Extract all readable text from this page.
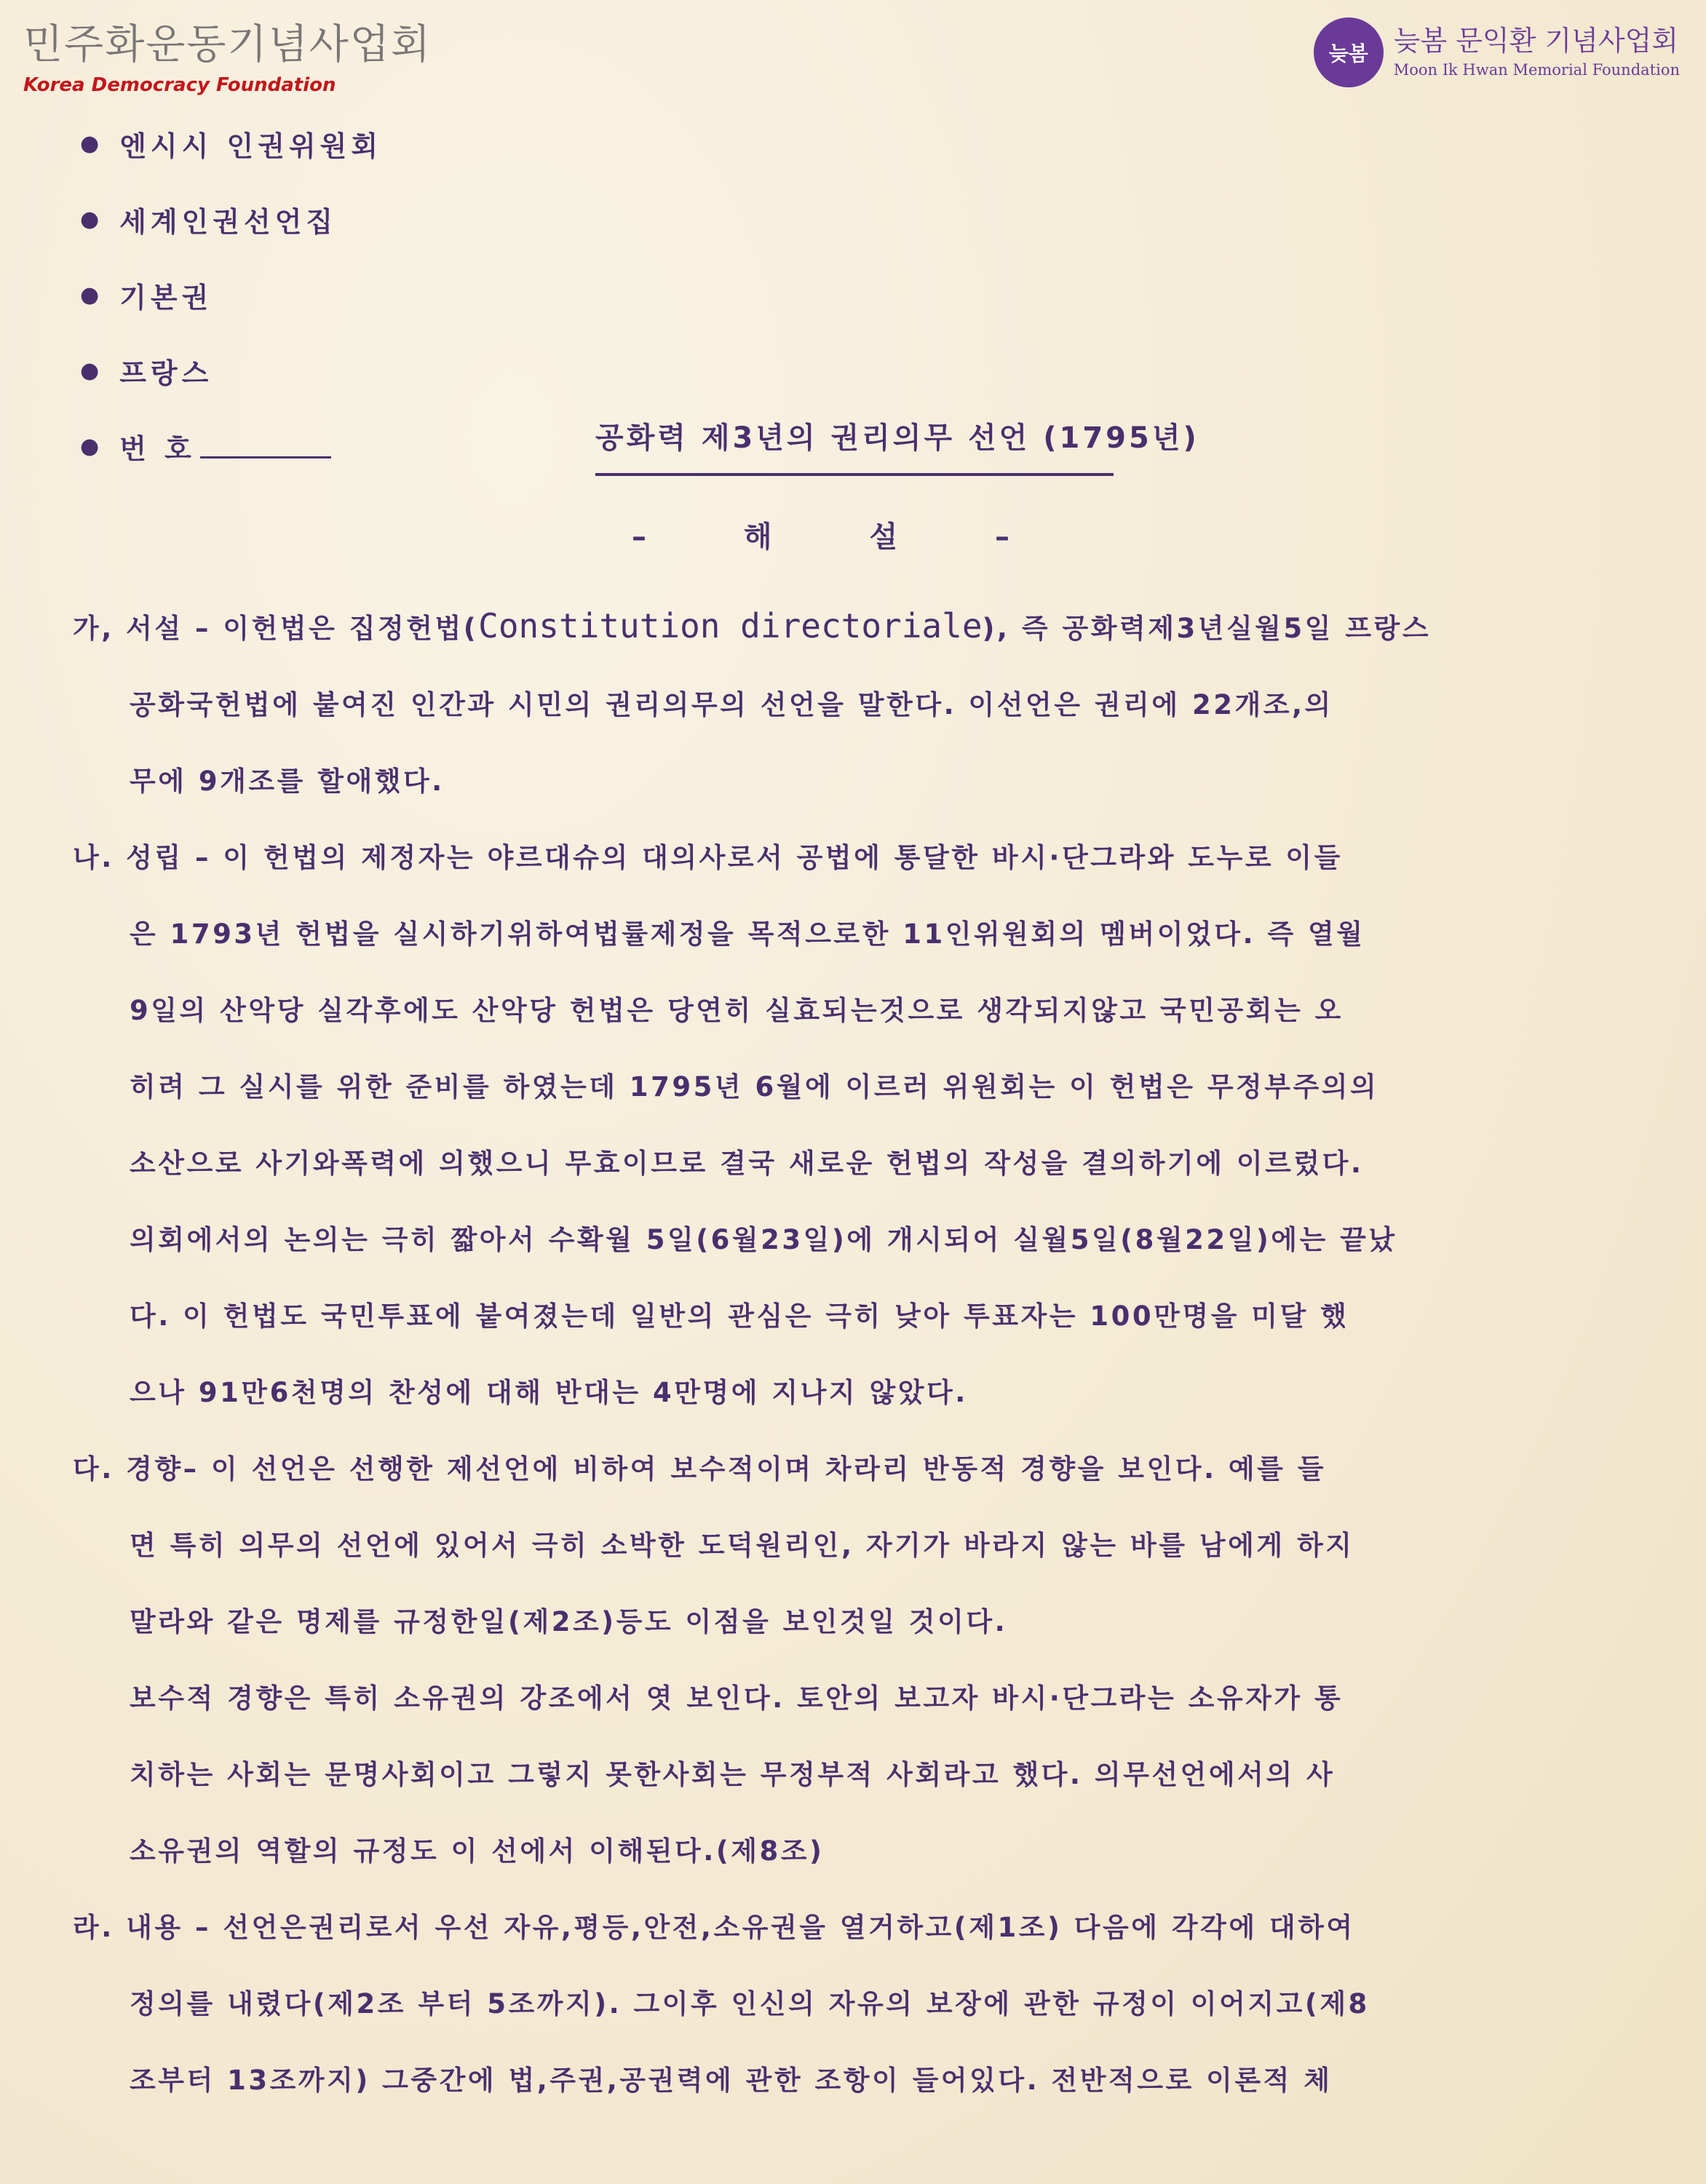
민주화운동기념사업회
Korea Democracy Foundation
늦봄 늦봄 문익환 기념사업회
Moon Ik Hwan Memorial Foundation
● 엔시시 인권위원회
● 세계인권선언집
● 기본권
● 프랑스
● 번 호	공화력 제3년의 권리의무 선언 (1795년)
– 해 설 –
가, 서설 – 이헌법은 집정헌법(Constitution directoriale), 즉 공화력제3년실월5일 프랑스
공화국헌법에 붙여진 인간과 시민의 권리의무의 선언을 말한다. 이선언은 권리에 22개조,의
무에 9개조를 할애했다.
나. 성립 – 이 헌법의 제정자는 야르대슈의 대의사로서 공법에 통달한 바시·단그라와 도누로 이들
은 1793년 헌법을 실시하기위하여법률제정을 목적으로한 11인위원회의 멤버이었다. 즉 열월
9일의 산악당 실각후에도 산악당 헌법은 당연히 실효되는것으로 생각되지않고 국민공회는 오
히려 그 실시를 위한 준비를 하였는데 1795년 6월에 이르러 위원회는 이 헌법은 무정부주의의
소산으로 사기와폭력에 의했으니 무효이므로 결국 새로운 헌법의 작성을 결의하기에 이르렀다.
의회에서의 논의는 극히 짧아서 수확월 5일(6월23일)에 개시되어 실월5일(8월22일)에는 끝났
다. 이 헌법도 국민투표에 붙여졌는데 일반의 관심은 극히 낮아 투표자는 100만명을 미달 했
으나 91만6천명의 찬성에 대해 반대는 4만명에 지나지 않았다.
다. 경향– 이 선언은 선행한 제선언에 비하여 보수적이며 차라리 반동적 경향을 보인다. 예를 들
면 특히 의무의 선언에 있어서 극히 소박한 도덕원리인, 자기가 바라지 않는 바를 남에게 하지
말라와 같은 명제를 규정한일(제2조)등도 이점을 보인것일 것이다.
보수적 경향은 특히 소유권의 강조에서 엿 보인다. 토안의 보고자 바시·단그라는 소유자가 통
치하는 사회는 문명사회이고 그렇지 못한사회는 무정부적 사회라고 했다. 의무선언에서의 사
소유권의 역할의 규정도 이 선에서 이해된다.(제8조)
라. 내용 – 선언은권리로서 우선 자유,평등,안전,소유권을 열거하고(제1조) 다음에 각각에 대하여
정의를 내렸다(제2조 부터 5조까지). 그이후 인신의 자유의 보장에 관한 규정이 이어지고(제8
조부터 13조까지) 그중간에 법,주권,공권력에 관한 조항이 들어있다. 전반적으로 이론적 체
